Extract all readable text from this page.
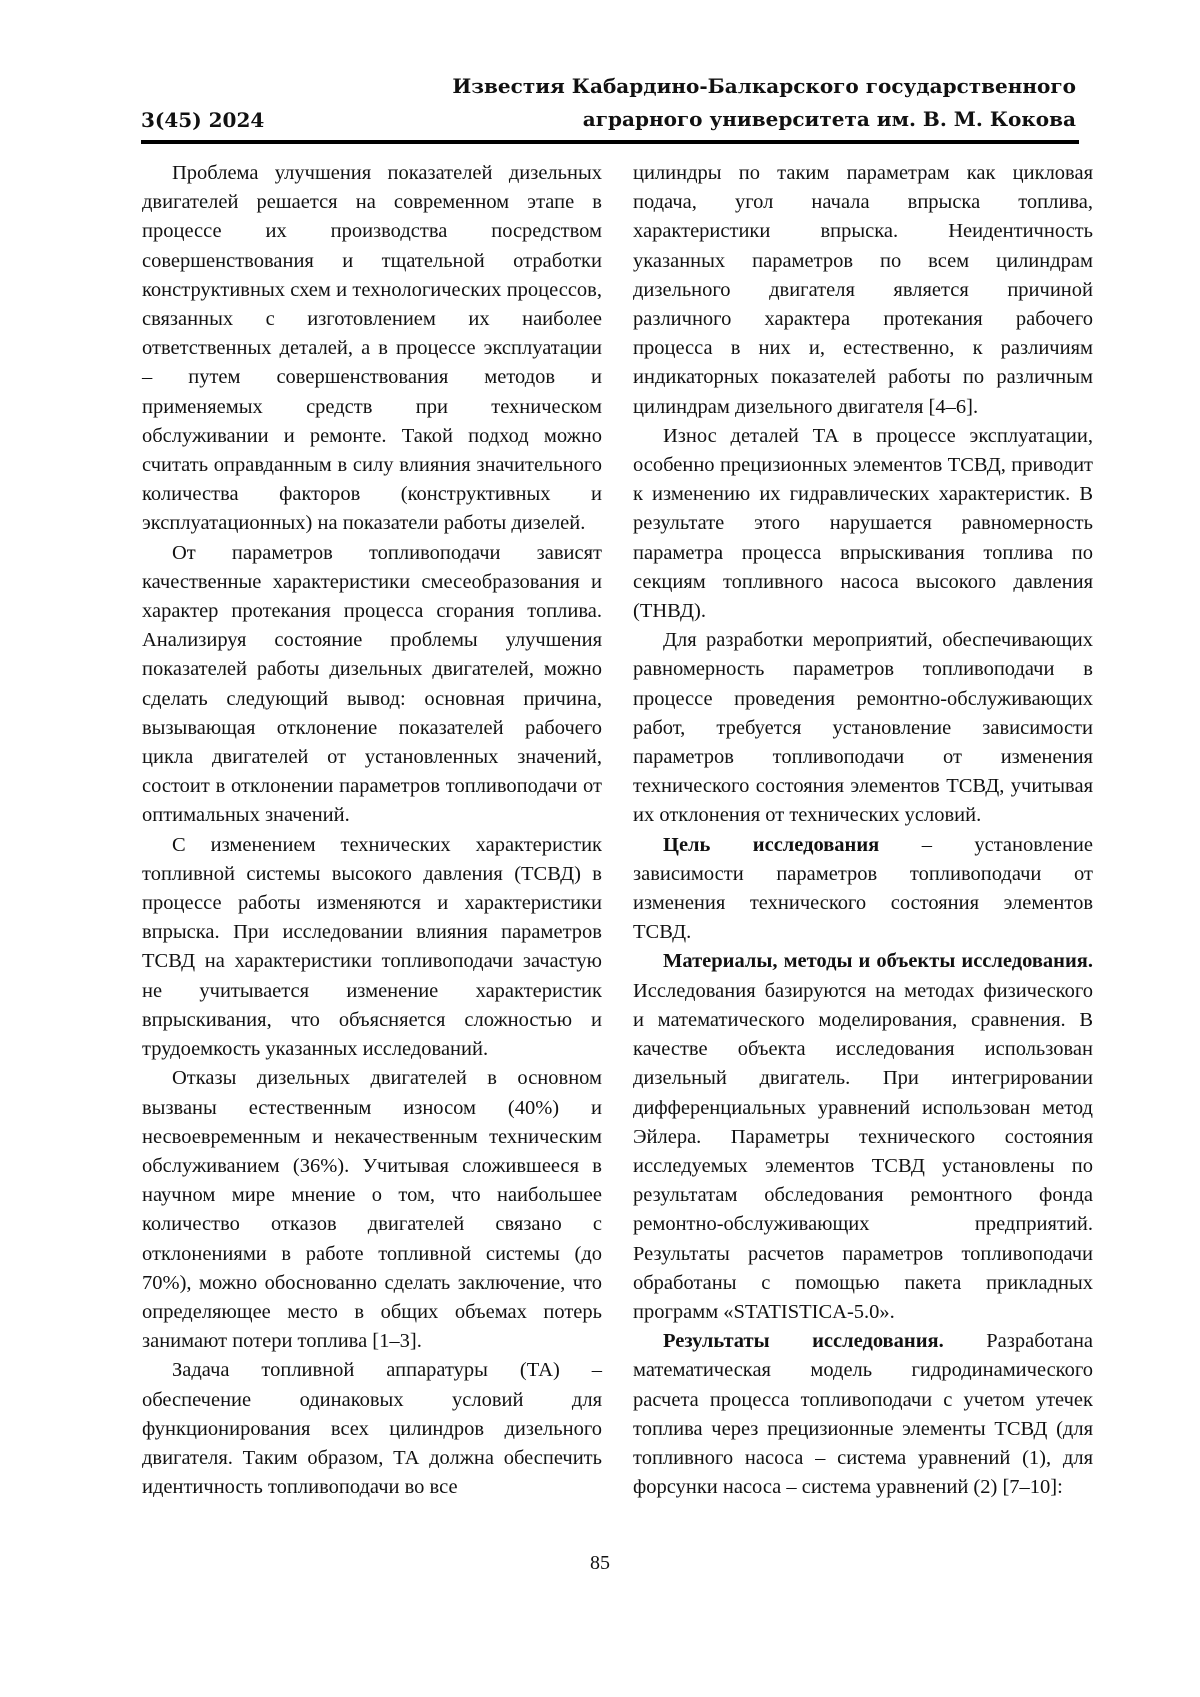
3(45) 2024
Известия Кабардино-Балкарского государственного
аграрного университета им. В. М. Кокова

Проблема улучшения показателей дизельных двигателей решается на современном этапе в процессе их производства посредством совершенствования и тщательной отработки конструктивных схем и технологических процессов, связанных с изготовлением их наиболее ответственных деталей, а в процессе эксплуатации – путем совершенствования методов и применяемых средств при техническом обслуживании и ремонте. Такой подход можно считать оправданным в силу влияния значительного количества факторов (конструктивных и эксплуатационных) на показатели работы дизелей.

От параметров топливоподачи зависят качественные характеристики смесеобразования и характер протекания процесса сгорания топлива. Анализируя состояние проблемы улучшения показателей работы дизельных двигателей, можно сделать следующий вывод: основная причина, вызывающая отклонение показателей рабочего цикла двигателей от установленных значений, состоит в отклонении параметров топливоподачи от оптимальных значений.

С изменением технических характеристик топливной системы высокого давления (ТСВД) в процессе работы изменяются и характеристики впрыска. При исследовании влияния параметров ТСВД на характеристики топливоподачи зачастую не учитывается изменение характеристик впрыскивания, что объясняется сложностью и трудоемкость указанных исследований.

Отказы дизельных двигателей в основном вызваны естественным износом (40%) и несвоевременным и некачественным техническим обслуживанием (36%). Учитывая сложившееся в научном мире мнение о том, что наибольшее количество отказов двигателей связано с отклонениями в работе топливной системы (до 70%), можно обоснованно сделать заключение, что определяющее место в общих объемах потерь занимают потери топлива [1–3].

Задача топливной аппаратуры (ТА) – обеспечение одинаковых условий для функционирования всех цилиндров дизельного двигателя. Таким образом, ТА должна обеспечить идентичность топливоподачи во все

цилиндры по таким параметрам как цикловая подача, угол начала впрыска топлива, характеристики впрыска. Неидентичность указанных параметров по всем цилиндрам дизельного двигателя является причиной различного характера протекания рабочего процесса в них и, естественно, к различиям индикаторных показателей работы по различным цилиндрам дизельного двигателя [4–6].

Износ деталей ТА в процессе эксплуатации, особенно прецизионных элементов ТСВД, приводит к изменению их гидравлических характеристик. В результате этого нарушается равномерность параметра процесса впрыскивания топлива по секциям топливного насоса высокого давления (ТНВД).

Для разработки мероприятий, обеспечивающих равномерность параметров топливоподачи в процессе проведения ремонтно-обслуживающих работ, требуется установление зависимости параметров топливоподачи от изменения технического состояния элементов ТСВД, учитывая их отклонения от технических условий.

Цель исследования – установление зависимости параметров топливоподачи от изменения технического состояния элементов ТСВД.

Материалы, методы и объекты исследования. Исследования базируются на методах физического и математического моделирования, сравнения. В качестве объекта исследования использован дизельный двигатель. При интегрировании дифференциальных уравнений использован метод Эйлера. Параметры технического состояния исследуемых элементов ТСВД установлены по результатам обследования ремонтного фонда ремонтно-обслуживающих предприятий. Результаты расчетов параметров топливоподачи обработаны с помощью пакета прикладных программ «STATISTICA-5.0».

Результаты исследования. Разработана математическая модель гидродинамического расчета процесса топливоподачи с учетом утечек топлива через прецизионные элементы ТСВД (для топливного насоса – система уравнений (1), для форсунки насоса – система уравнений (2) [7–10]:

85
